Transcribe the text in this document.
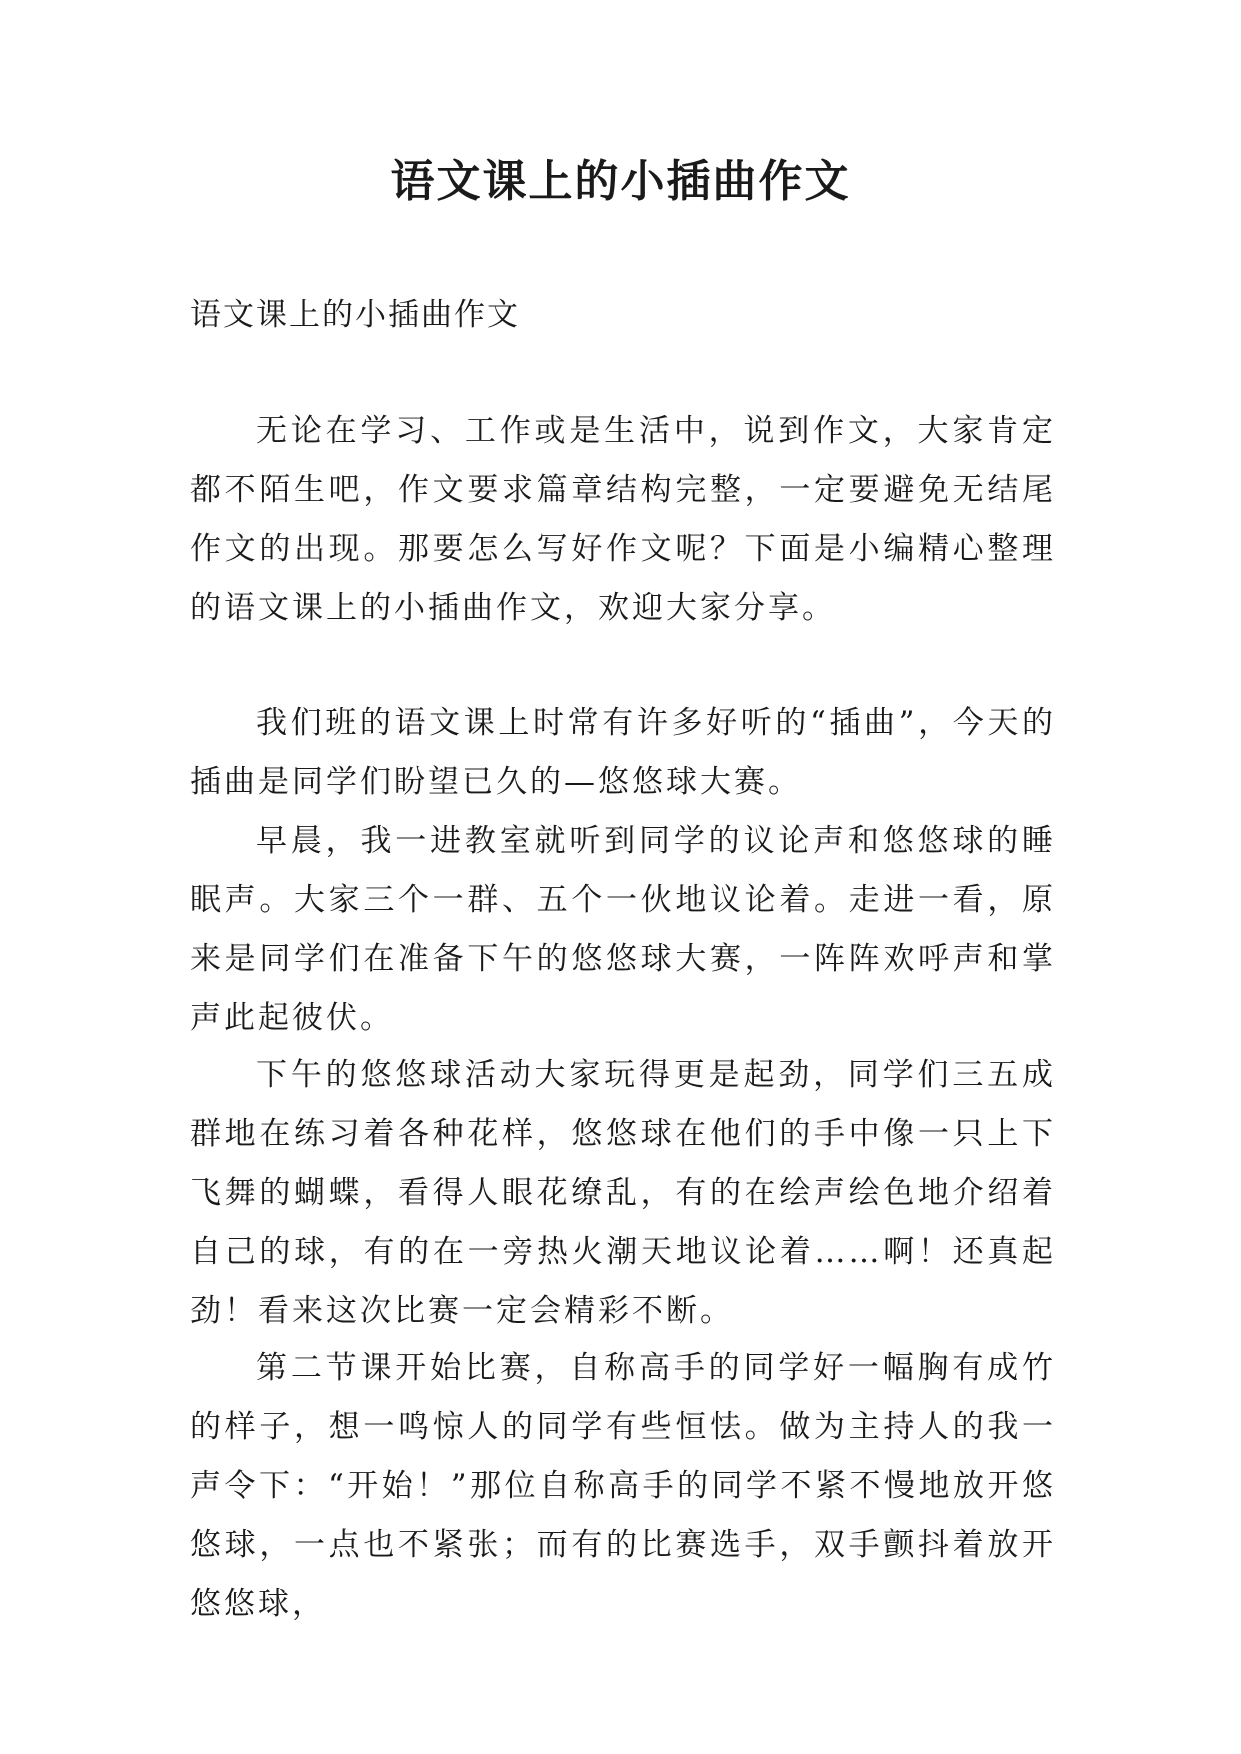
语文课上的小插曲作文

语文课上的小插曲作文

无论在学习、工作或是生活中，说到作文，大家肯定都不陌生吧，作文要求篇章结构完整，一定要避免无结尾作文的出现。那要怎么写好作文呢？下面是小编精心整理的语文课上的小插曲作文，欢迎大家分享。

我们班的语文课上时常有许多好听的“插曲”，今天的插曲是同学们盼望已久的—悠悠球大赛。

早晨，我一进教室就听到同学的议论声和悠悠球的睡眠声。大家三个一群、五个一伙地议论着。走进一看，原来是同学们在准备下午的悠悠球大赛，一阵阵欢呼声和掌声此起彼伏。

下午的悠悠球活动大家玩得更是起劲，同学们三五成群地在练习着各种花样，悠悠球在他们的手中像一只上下飞舞的蝴蝶，看得人眼花缭乱，有的在绘声绘色地介绍着自己的球，有的在一旁热火潮天地议论着……啊！还真起劲！看来这次比赛一定会精彩不断。

第二节课开始比赛，自称高手的同学好一幅胸有成竹的样子，想一鸣惊人的同学有些恒怯。做为主持人的我一声令下：“开始！”那位自称高手的同学不紧不慢地放开悠悠球，一点也不紧张；而有的比赛选手，双手颤抖着放开悠悠球，
